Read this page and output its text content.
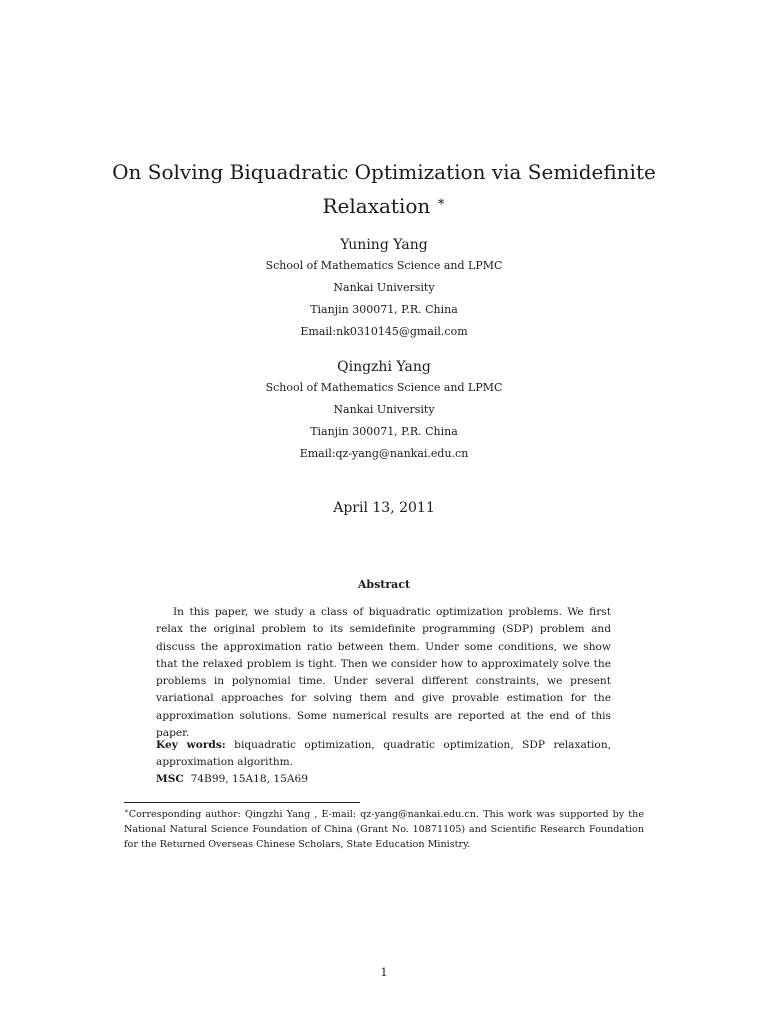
On Solving Biquadratic Optimization via Semidefinite Relaxation ∗
Yuning Yang
School of Mathematics Science and LPMC
Nankai University
Tianjin 300071, P.R. China
Email:nk0310145@gmail.com
Qingzhi Yang
School of Mathematics Science and LPMC
Nankai University
Tianjin 300071, P.R. China
Email:qz-yang@nankai.edu.cn
April 13, 2011
Abstract

In this paper, we study a class of biquadratic optimization problems. We first relax the original problem to its semidefinite programming (SDP) problem and discuss the approximation ratio between them. Under some conditions, we show that the relaxed problem is tight. Then we consider how to approximately solve the problems in polynomial time. Under several different constraints, we present variational approaches for solving them and give provable estimation for the approximation solutions. Some numerical results are reported at the end of this paper.

Key words: biquadratic optimization, quadratic optimization, SDP relaxation, approximation algorithm.
MSC 74B99, 15A18, 15A69
∗Corresponding author: Qingzhi Yang , E-mail: qz-yang@nankai.edu.cn. This work was supported by the National Natural Science Foundation of China (Grant No. 10871105) and Scientific Research Foundation for the Returned Overseas Chinese Scholars, State Education Ministry.
1
